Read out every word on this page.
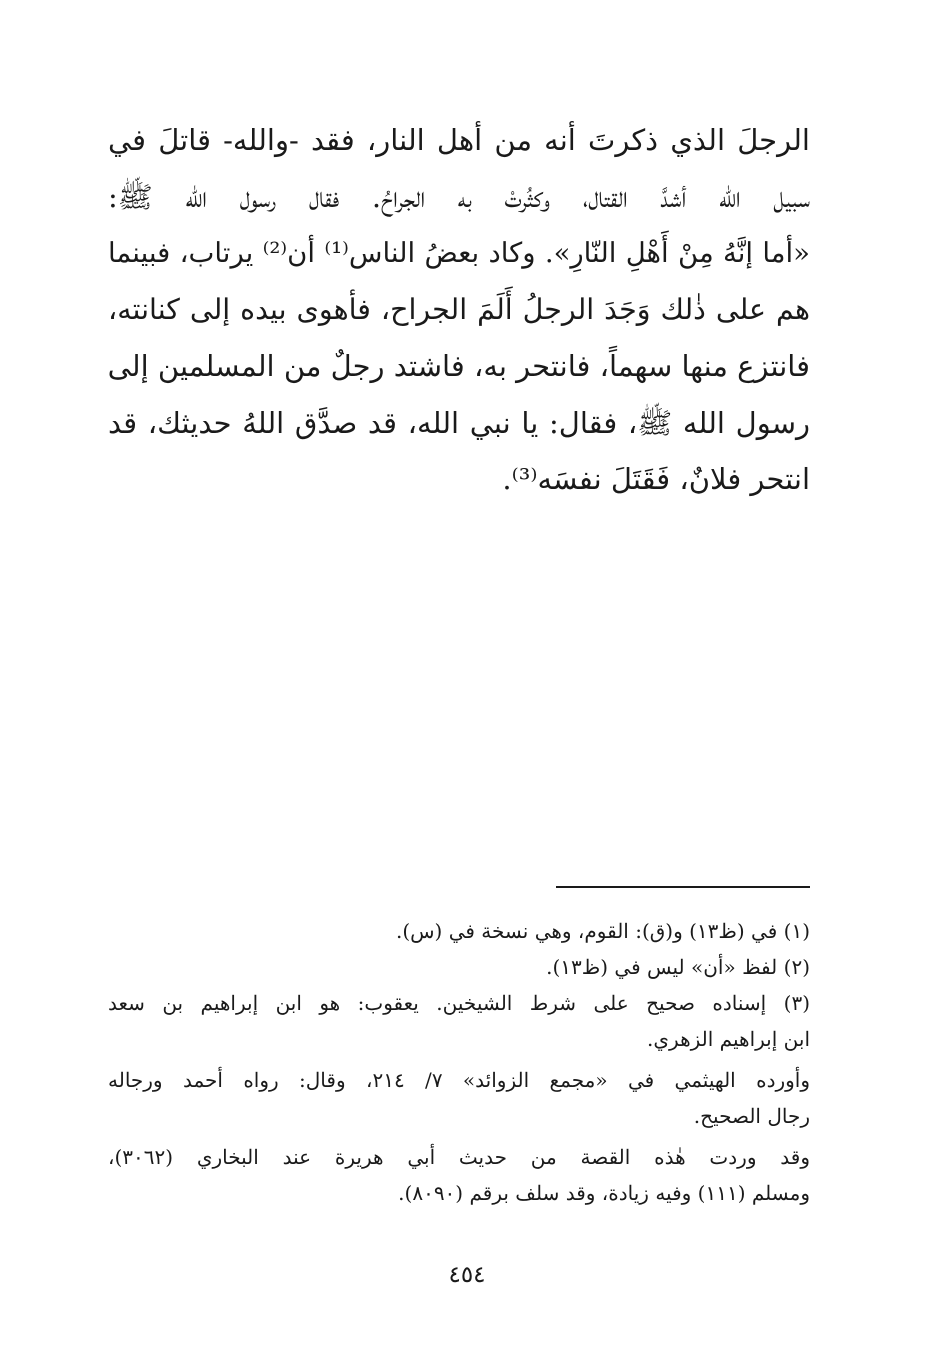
الرجلَ الذي ذكرتَ أنه من أهل النار، فقد -والله- قاتلَ في
سبيل الله أشدَّ القتال، وكثُرتْ به الجراحُ. فقال رسول الله ﷺ:
«أما إنَّهُ مِنْ أَهْلِ النّارِ». وكاد بعضُ الناس⁽¹⁾ أن⁽²⁾ يرتاب، فبينما
هم على ذٰلك وَجَدَ الرجلُ أَلَمَ الجراح، فأهوى بيده إلى كنانته،
فانتزع منها سهماً، فانتحر به، فاشتد رجلٌ من المسلمين إلى
رسول الله ﷺ، فقال: يا نبي الله، قد صدَّق اللهُ حديثك، قد
انتحر فلانٌ، فَقَتَلَ نفسَه⁽³⁾.
(١) في (ظ١٣) و(ق): القوم، وهي نسخة في (س).
(٢) لفظ «أن» ليس في (ظ١٣).
(٣) إسناده صحيح على شرط الشيخين. يعقوب: هو ابن إبراهيم بن سعد
ابن إبراهيم الزهري.
وأورده الهيثمي في «مجمع الزوائد» ٧/ ٢١٤، وقال: رواه أحمد ورجاله
رجال الصحيح.
وقد وردت هٰذه القصة من حديث أبي هريرة عند البخاري (٣٠٦٢)،
ومسلم (١١١) وفيه زيادة، وقد سلف برقم (٨٠٩٠).
٤٥٤
